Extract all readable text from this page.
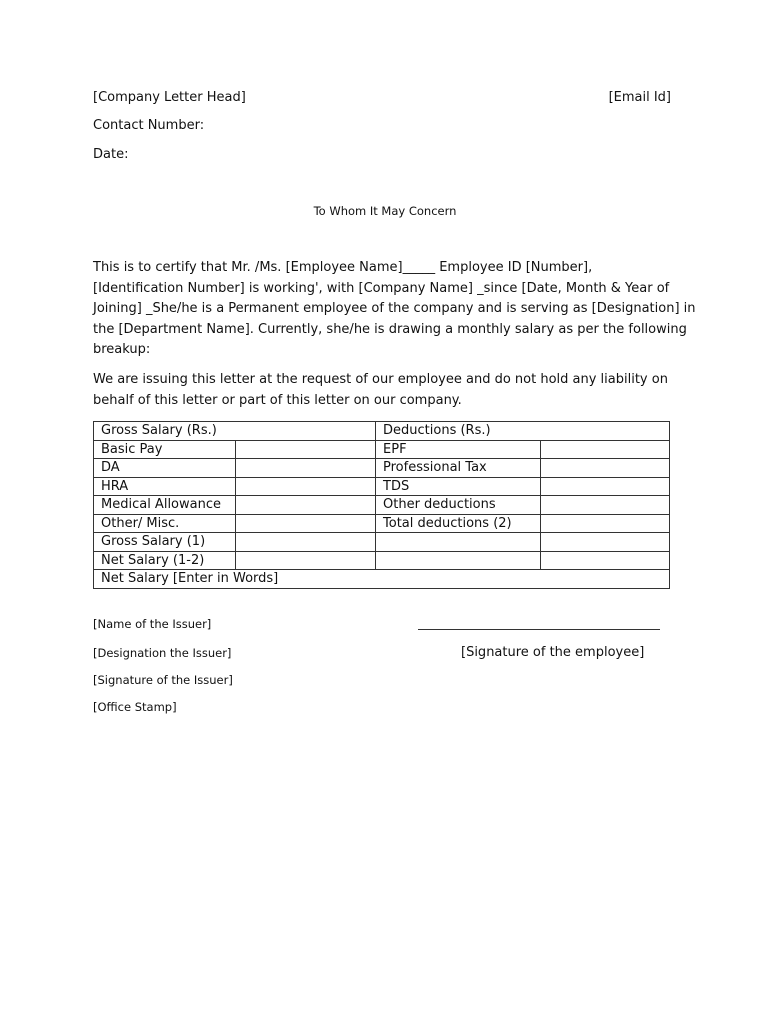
[Company Letter Head]	[Email Id]
Contact Number:
Date:
To Whom It May Concern
This is to certify that Mr. /Ms. [Employee Name]_____ Employee ID [Number],
[Identification Number] is working', with [Company Name] _since [Date, Month & Year of
Joining] _She/he is a Permanent employee of the company and is serving as [Designation] in
the [Department Name]. Currently, she/he is drawing a monthly salary as per the following
breakup:
We are issuing this letter at the request of our employee and do not hold any liability on
behalf of this letter or part of this letter on our company.
Gross Salary (Rs.)		Deductions (Rs.)	
Basic Pay		EPF	
DA		Professional Tax	
HRA		TDS	
Medical Allowance		Other deductions	
Other/ Misc.		Total deductions (2)	
Gross Salary (1)			
Net Salary (1-2)			
Net Salary [Enter in Words]			
[Name of the Issuer]
[Designation the Issuer]	[Signature of the employee]
[Signature of the Issuer]
[Office Stamp]
